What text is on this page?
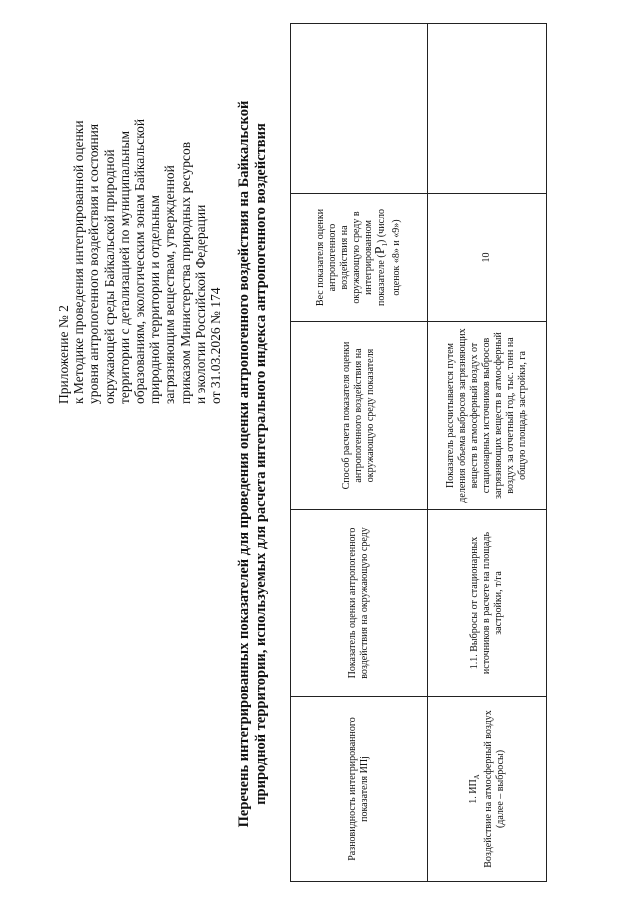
Приложение № 2 к Методике проведения интегрированной оценки уровня антропогенного воздействия и состояния окружающей среды Байкальской природной территории с детализацией по муниципальным образованиям, экологическим зонам Байкальской природной территории и отдельным загрязняющим веществам, утвержденной приказом Министерства природных ресурсов и экологии Российской Федерации от 31.03.2026 № 174 Перечень интегрированных показателей для проведения оценки антропогенного воздействия на Байкальской природной территории, используемых для расчета интегрального индекса антропогенного воздействия	Разновидность интегрированного показателя ИПj	Показатель оценки антропогенного воздействия на окружающую среду	Способ расчета показателя оценки антропогенного воздействия на окружающую среду показателя	Вес показателя оценки антропогенного воздействия на окружающую среду в интегрированном показателе $(P_1)$ (число оценок «8» и «9»)	
1. $ИП_A$ Воздействие на атмосферный воздух (далее – выбросы)	1.1. Выбросы от стационарных источников в расчете на площадь застройки, т/га	Показатель рассчитывается путем деления объема выбросов загрязняющих веществ в атмосферный воздух от стационарных источников выбросов загрязняющих веществ в атмосферный воздух за отчетный год, тыс. тонн на общую площадь застройки, га	10	
